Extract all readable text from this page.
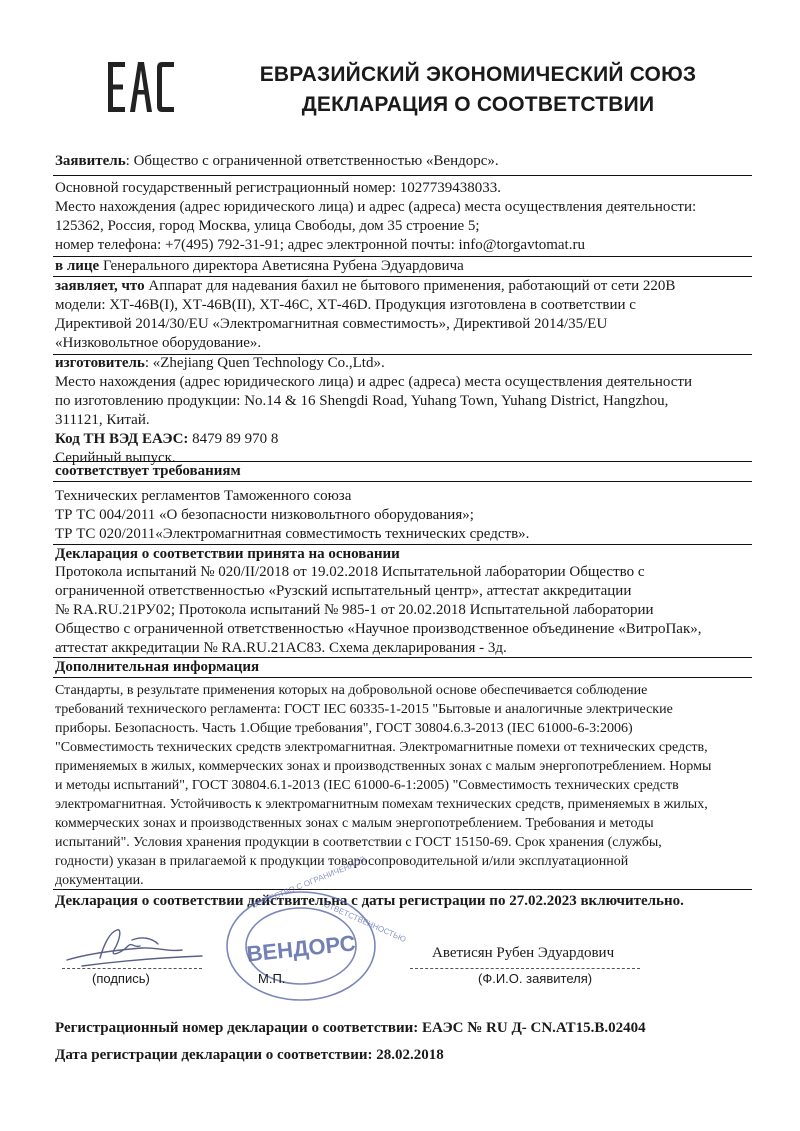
ЕВРАЗИЙСКИЙ ЭКОНОМИЧЕСКИЙ СОЮЗ
ДЕКЛАРАЦИЯ О СООТВЕТСТВИИ
Заявитель: Общество с ограниченной ответственностью «Вендорс».
Основной государственный регистрационный номер: 1027739438033.
Место нахождения (адрес юридического лица) и адрес (адреса) места осуществления деятельности:
125362, Россия, город Москва, улица Свободы, дом 35 строение 5;
номер телефона: +7(495) 792-31-91; адрес электронной почты: info@torgavtomat.ru
в лице Генерального директора Аветисяна Рубена Эдуардовича
заявляет, что Аппарат для надевания бахил не бытового применения, работающий от сети 220В
модели: ХТ-46В(I), ХТ-46В(II), ХТ-46С, ХТ-46D. Продукция изготовлена в соответствии с
Директивой 2014/30/EU «Электромагнитная совместимость», Директивой 2014/35/EU
«Низковольтное оборудование».
изготовитель: «Zhejiang Quen Technology Co.,Ltd».
Место нахождения (адрес юридического лица) и адрес (адреса) места осуществления деятельности
по изготовлению продукции: No.14 & 16 Shengdi Road, Yuhang Town, Yuhang District, Hangzhou,
311121, Китай.
Код ТН ВЭД ЕАЭС: 8479 89 970 8
Серийный выпуск.
соответствует требованиям
Технических регламентов Таможенного союза
ТР ТС 004/2011 «О безопасности низковольтного оборудования»;
ТР ТС 020/2011«Электромагнитная совместимость технических средств».
Декларация о соответствии принята на основании
Протокола испытаний № 020/II/2018 от 19.02.2018 Испытательной лаборатории Общество с
ограниченной ответственностью «Рузский испытательный центр», аттестат аккредитации
№ RA.RU.21РУ02; Протокола испытаний № 985-1 от 20.02.2018 Испытательной лаборатории
Общество с ограниченной ответственностью «Научное производственное объединение «ВитроПак»,
аттестат аккредитации № RA.RU.21AC83. Схема декларирования - 3д.
Дополнительная информация
Стандарты, в результате применения которых на добровольной основе обеспечивается соблюдение
требований технического регламента: ГОСТ IEC 60335-1-2015 "Бытовые и аналогичные электрические
приборы. Безопасность. Часть 1.Общие требования", ГОСТ 30804.6.3-2013 (IEC 61000-6-3:2006)
"Совместимость технических средств электромагнитная. Электромагнитные помехи от технических средств,
применяемых в жилых, коммерческих зонах и производственных зонах с малым энергопотреблением. Нормы
и методы испытаний", ГОСТ 30804.6.1-2013 (IEC 61000-6-1:2005) "Совместимость технических средств
электромагнитная. Устойчивость к электромагнитным помехам технических средств, применяемых в жилых,
коммерческих зонах и производственных зонах с малым энергопотреблением. Требования и методы
испытаний". Условия хранения продукции в соответствии с ГОСТ 15150-69. Срок хранения (службы,
годности) указан в прилагаемой к продукции товаросопроводительной и/или эксплуатационной
документации.
Декларация о соответствии действительна с даты регистрации по 27.02.2023 включительно.
ВЕНДОРС
ОБЩЕСТВО С ОГРАНИЧЕННОЙ
ОТВЕТСТВЕННОСТЬЮ
(подпись)	М.П.
Аветисян Рубен Эдуардович
(Ф.И.О. заявителя)
Регистрационный номер декларации о соответствии: ЕАЭС № RU Д- CN.AT15.B.02404
Дата регистрации декларации о соответствии: 28.02.2018
